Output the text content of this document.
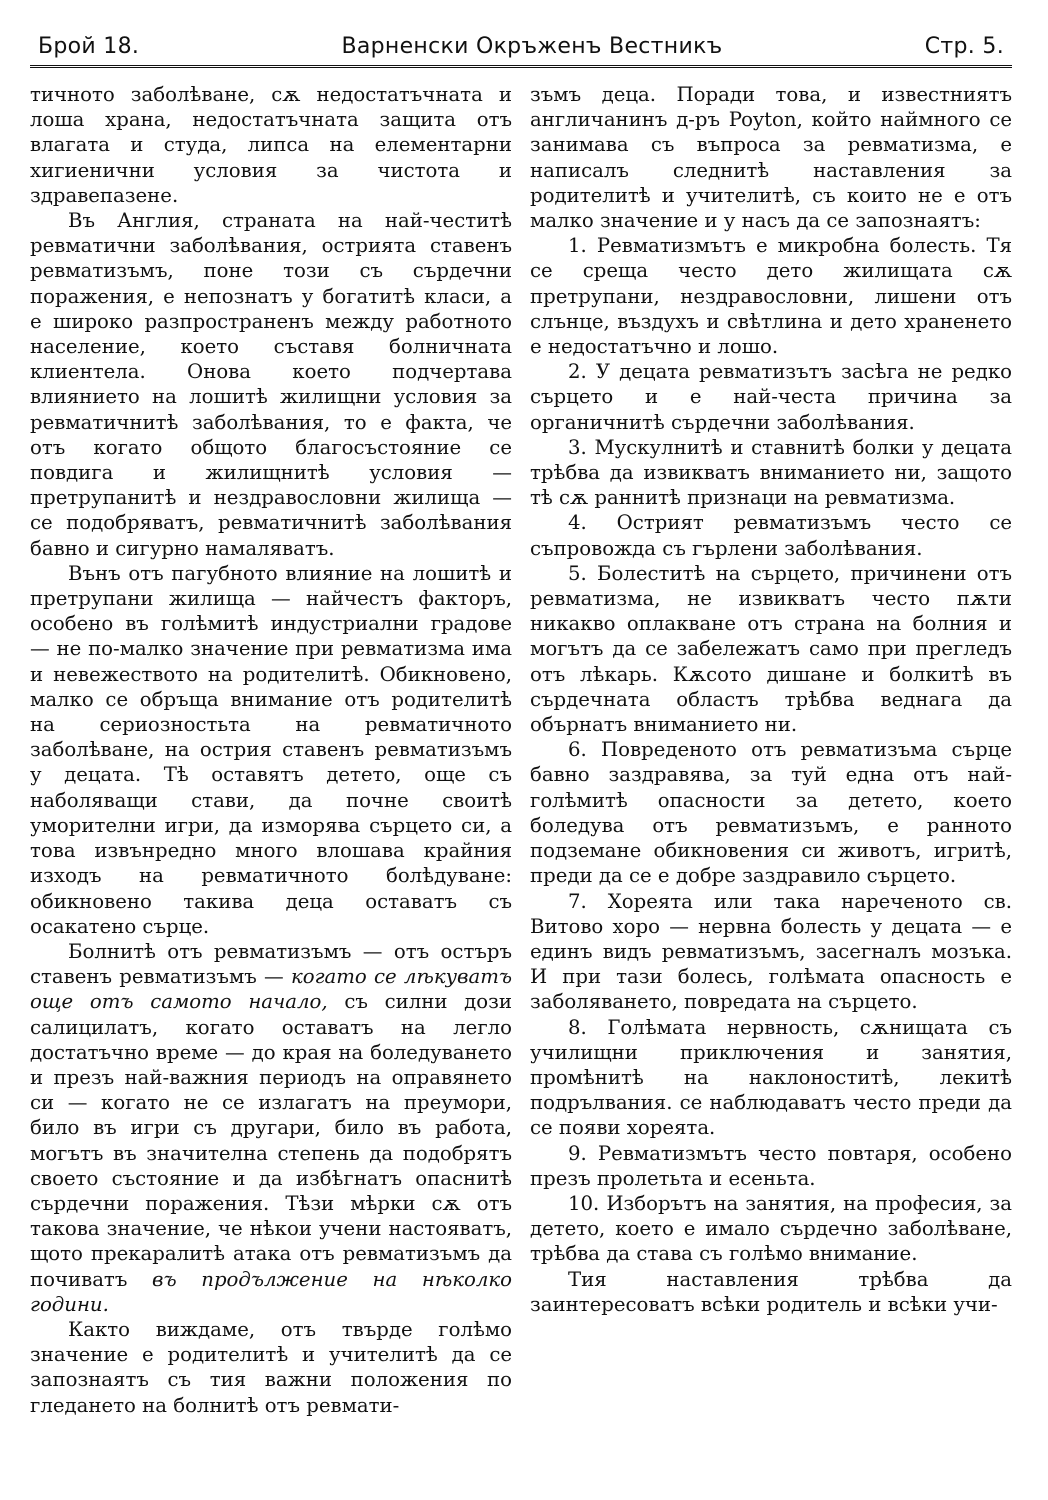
Брой 18.	Варненски Окръженъ Вестникъ	Стр. 5.

тичното заболѣване, сѫ недостатъчната и лоша храна, недостатъчната защита отъ влагата и студа, липса на елементарни хигиенични условия за чистота и здравепазене.

Въ Англия, страната на най-честитѣ ревматични заболѣвания, острията ставенъ ревматизъмъ, поне този съ сърдечни поражения, е непознатъ у богатитѣ класи, а е широко разпространенъ между работното население, което съставя болничната клиентела. Онова което подчертава влиянието на лошитѣ жилищни условия за ревматичнитѣ заболѣвания, то е факта, че отъ когато общото благосъстояние се повдига и жилищнитѣ условия — претрупанитѣ и нездравословни жилища — се подобряватъ, ревматичнитѣ заболѣвания бавно и сигурно намаляватъ.

Вънъ отъ пагубното влияние на лошитѣ и претрупани жилища — найчестъ факторъ, особено въ голѣмитѣ индустриални градове — не по-малко значение при ревматизма има и невежеството на родителитѣ. Обикновено, малко се обръща внимание отъ родителитѣ на сериозностьта на ревматичното заболѣване, на острия ставенъ ревматизъмъ у децата. Тѣ оставятъ детето, още съ наболяващи стави, да почне своитѣ уморителни игри, да изморява сърцето си, а това извънредно много влошава крайния изходъ на ревматичното болѣдуване: обикновено такива деца оставатъ съ осакатено сърце.

Болнитѣ отъ ревматизъмъ — отъ остъръ ставенъ ревматизъмъ — когато се лѣкуватъ още отъ самото начало, съ силни дози салицилатъ, когато оставатъ на легло достатъчно време — до края на боледуването и презъ най-важния периодъ на оправянето си — когато не се излагатъ на преумори, било въ игри съ другари, било въ работа, могътъ въ значителна степень да подобрятъ своето състояние и да избѣгнатъ опаснитѣ сърдечни поражения. Тѣзи мѣрки сѫ отъ такова значение, че нѣкои учени настояватъ, щото прекаралитѣ атака отъ ревматизъмъ да почиватъ въ продължение на нѣколко години.

Както виждаме, отъ твърде голѣмо значение е родителитѣ и учителитѣ да се запознаятъ съ тия важни положения по гледането на болнитѣ отъ ревмати-

зъмъ деца. Поради това, и известниятъ англичанинъ д-ръ Poyton, който наймного се занимава съ въпроса за ревматизма, е написалъ следнитѣ наставления за родителитѣ и учителитѣ, съ които не е отъ малко значение и у насъ да се запознаятъ:

1. Ревматизмътъ е микробна болесть. Тя се среща често дето жилищата сѫ претрупани, нездравословни, лишени отъ слънце, въздухъ и свѣтлина и дето храненето е недостатъчно и лошо.

2. У децата ревматизътъ засѣга не редко сърцето и е най-честа причина за органичнитѣ сърдечни заболѣвания.

3. Мускулнитѣ и ставнитѣ болки у децата трѣбва да извикватъ вниманието ни, защото тѣ сѫ раннитѣ признаци на ревматизма.

4. Острият ревматизъмъ често се съпровожда съ гърлени заболѣвания.

5. Болеститѣ на сърцето, причинени отъ ревматизма, не извикватъ често пѫти никакво оплакване отъ страна на болния и могътъ да се забележатъ само при прегледъ отъ лѣкарь. Кѫсото дишане и болкитѣ въ сърдечната областъ трѣбва веднага да обърнатъ вниманието ни.

6. Повреденото отъ ревматизъма сърце бавно заздравява, за туй една отъ най-голѣмитѣ опасности за детето, което боледува отъ ревматизъмъ, е ранното подземане обикновения си животъ, игритѣ, преди да се е добре заздравило сърцето.

7. Хореята или така нареченото св. Витово хоро — нервна болесть у децата — е единъ видъ ревматизъмъ, засегналъ мозъка. И при тази болесь, голѣмата опасность е заболяването, повредата на сърцето.

8. Голѣмата нервность, сѫнищата съ училищни приключения и занятия, промѣнитѣ на наклоноститѣ, лекитѣ подрълвания. се наблюдаватъ често преди да се появи хореята.

9. Ревматизмътъ често повтаря, особено презъ пролетьта и есеньта.

10. Изборътъ на занятия, на професия, за детето, което е имало сърдечно заболѣване, трѣбва да става съ голѣмо внимание.

Тия наставления трѣбва да заинтересоватъ всѣки родитель и всѣки учи-
